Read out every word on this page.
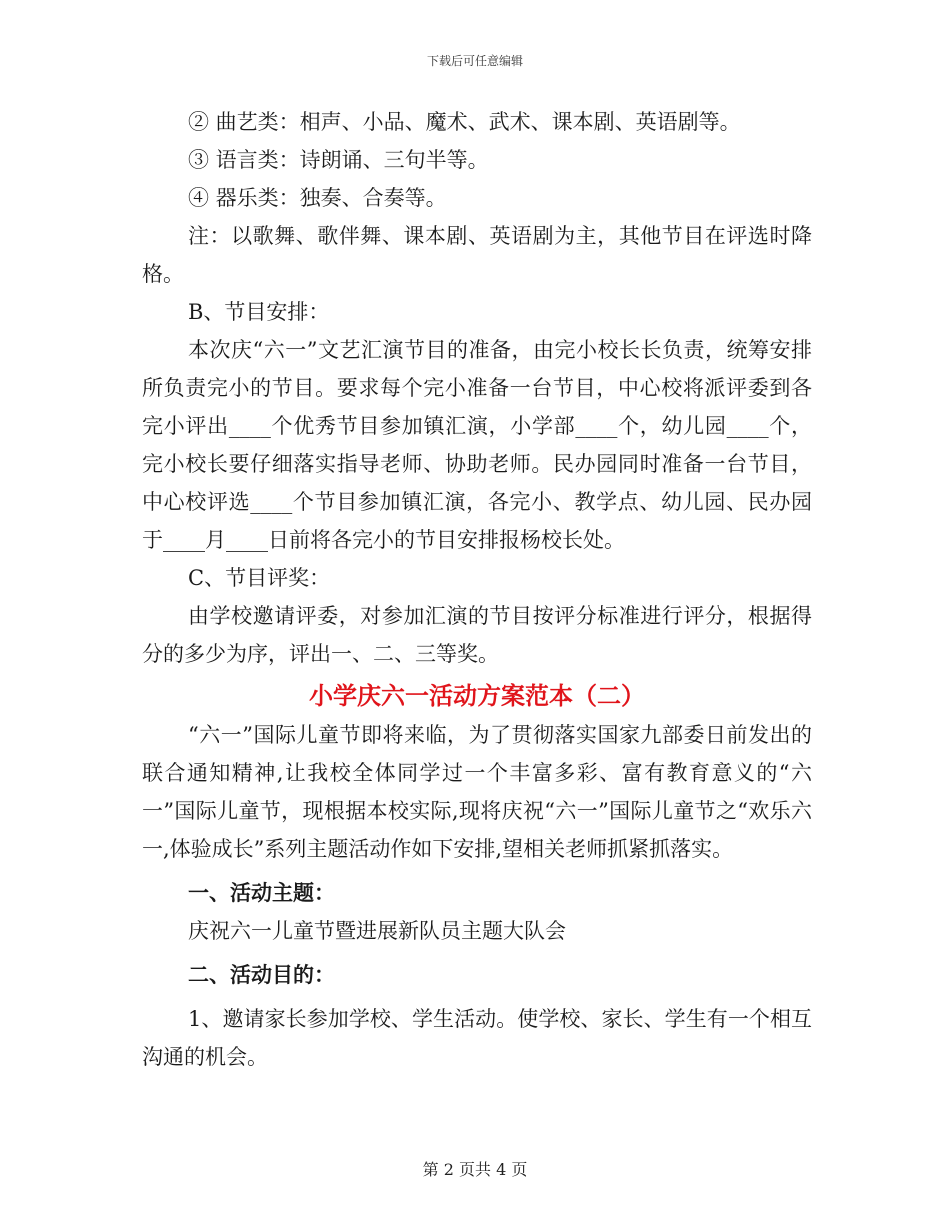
下载后可任意编辑

② 曲艺类：相声、小品、魔术、武术、课本剧、英语剧等。

③ 语言类：诗朗诵、三句半等。

④ 器乐类：独奏、合奏等。

注：以歌舞、歌伴舞、课本剧、英语剧为主，其他节目在评选时降格。

B、节目安排：

本次庆“六一”文艺汇演节目的准备，由完小校长长负责，统筹安排所负责完小的节目。要求每个完小准备一台节目，中心校将派评委到各完小评出____个优秀节目参加镇汇演，小学部____个，幼儿园____个，完小校长要仔细落实指导老师、协助老师。民办园同时准备一台节目，中心校评选____个节目参加镇汇演，各完小、教学点、幼儿园、民办园于____月____日前将各完小的节目安排报杨校长处。

C、节目评奖：

由学校邀请评委，对参加汇演的节目按评分标准进行评分，根据得分的多少为序，评出一、二、三等奖。

小学庆六一活动方案范本（二）

“六一”国际儿童节即将来临，为了贯彻落实国家九部委日前发出的联合通知精神,让我校全体同学过一个丰富多彩、富有教育意义的“六一”国际儿童节，现根据本校实际,现将庆祝“六一”国际儿童节之“欢乐六一,体验成长”系列主题活动作如下安排,望相关老师抓紧抓落实。

一、活动主题：

庆祝六一儿童节暨进展新队员主题大队会

二、活动目的：

1、邀请家长参加学校、学生活动。使学校、家长、学生有一个相互沟通的机会。

第 2 页共 4 页
